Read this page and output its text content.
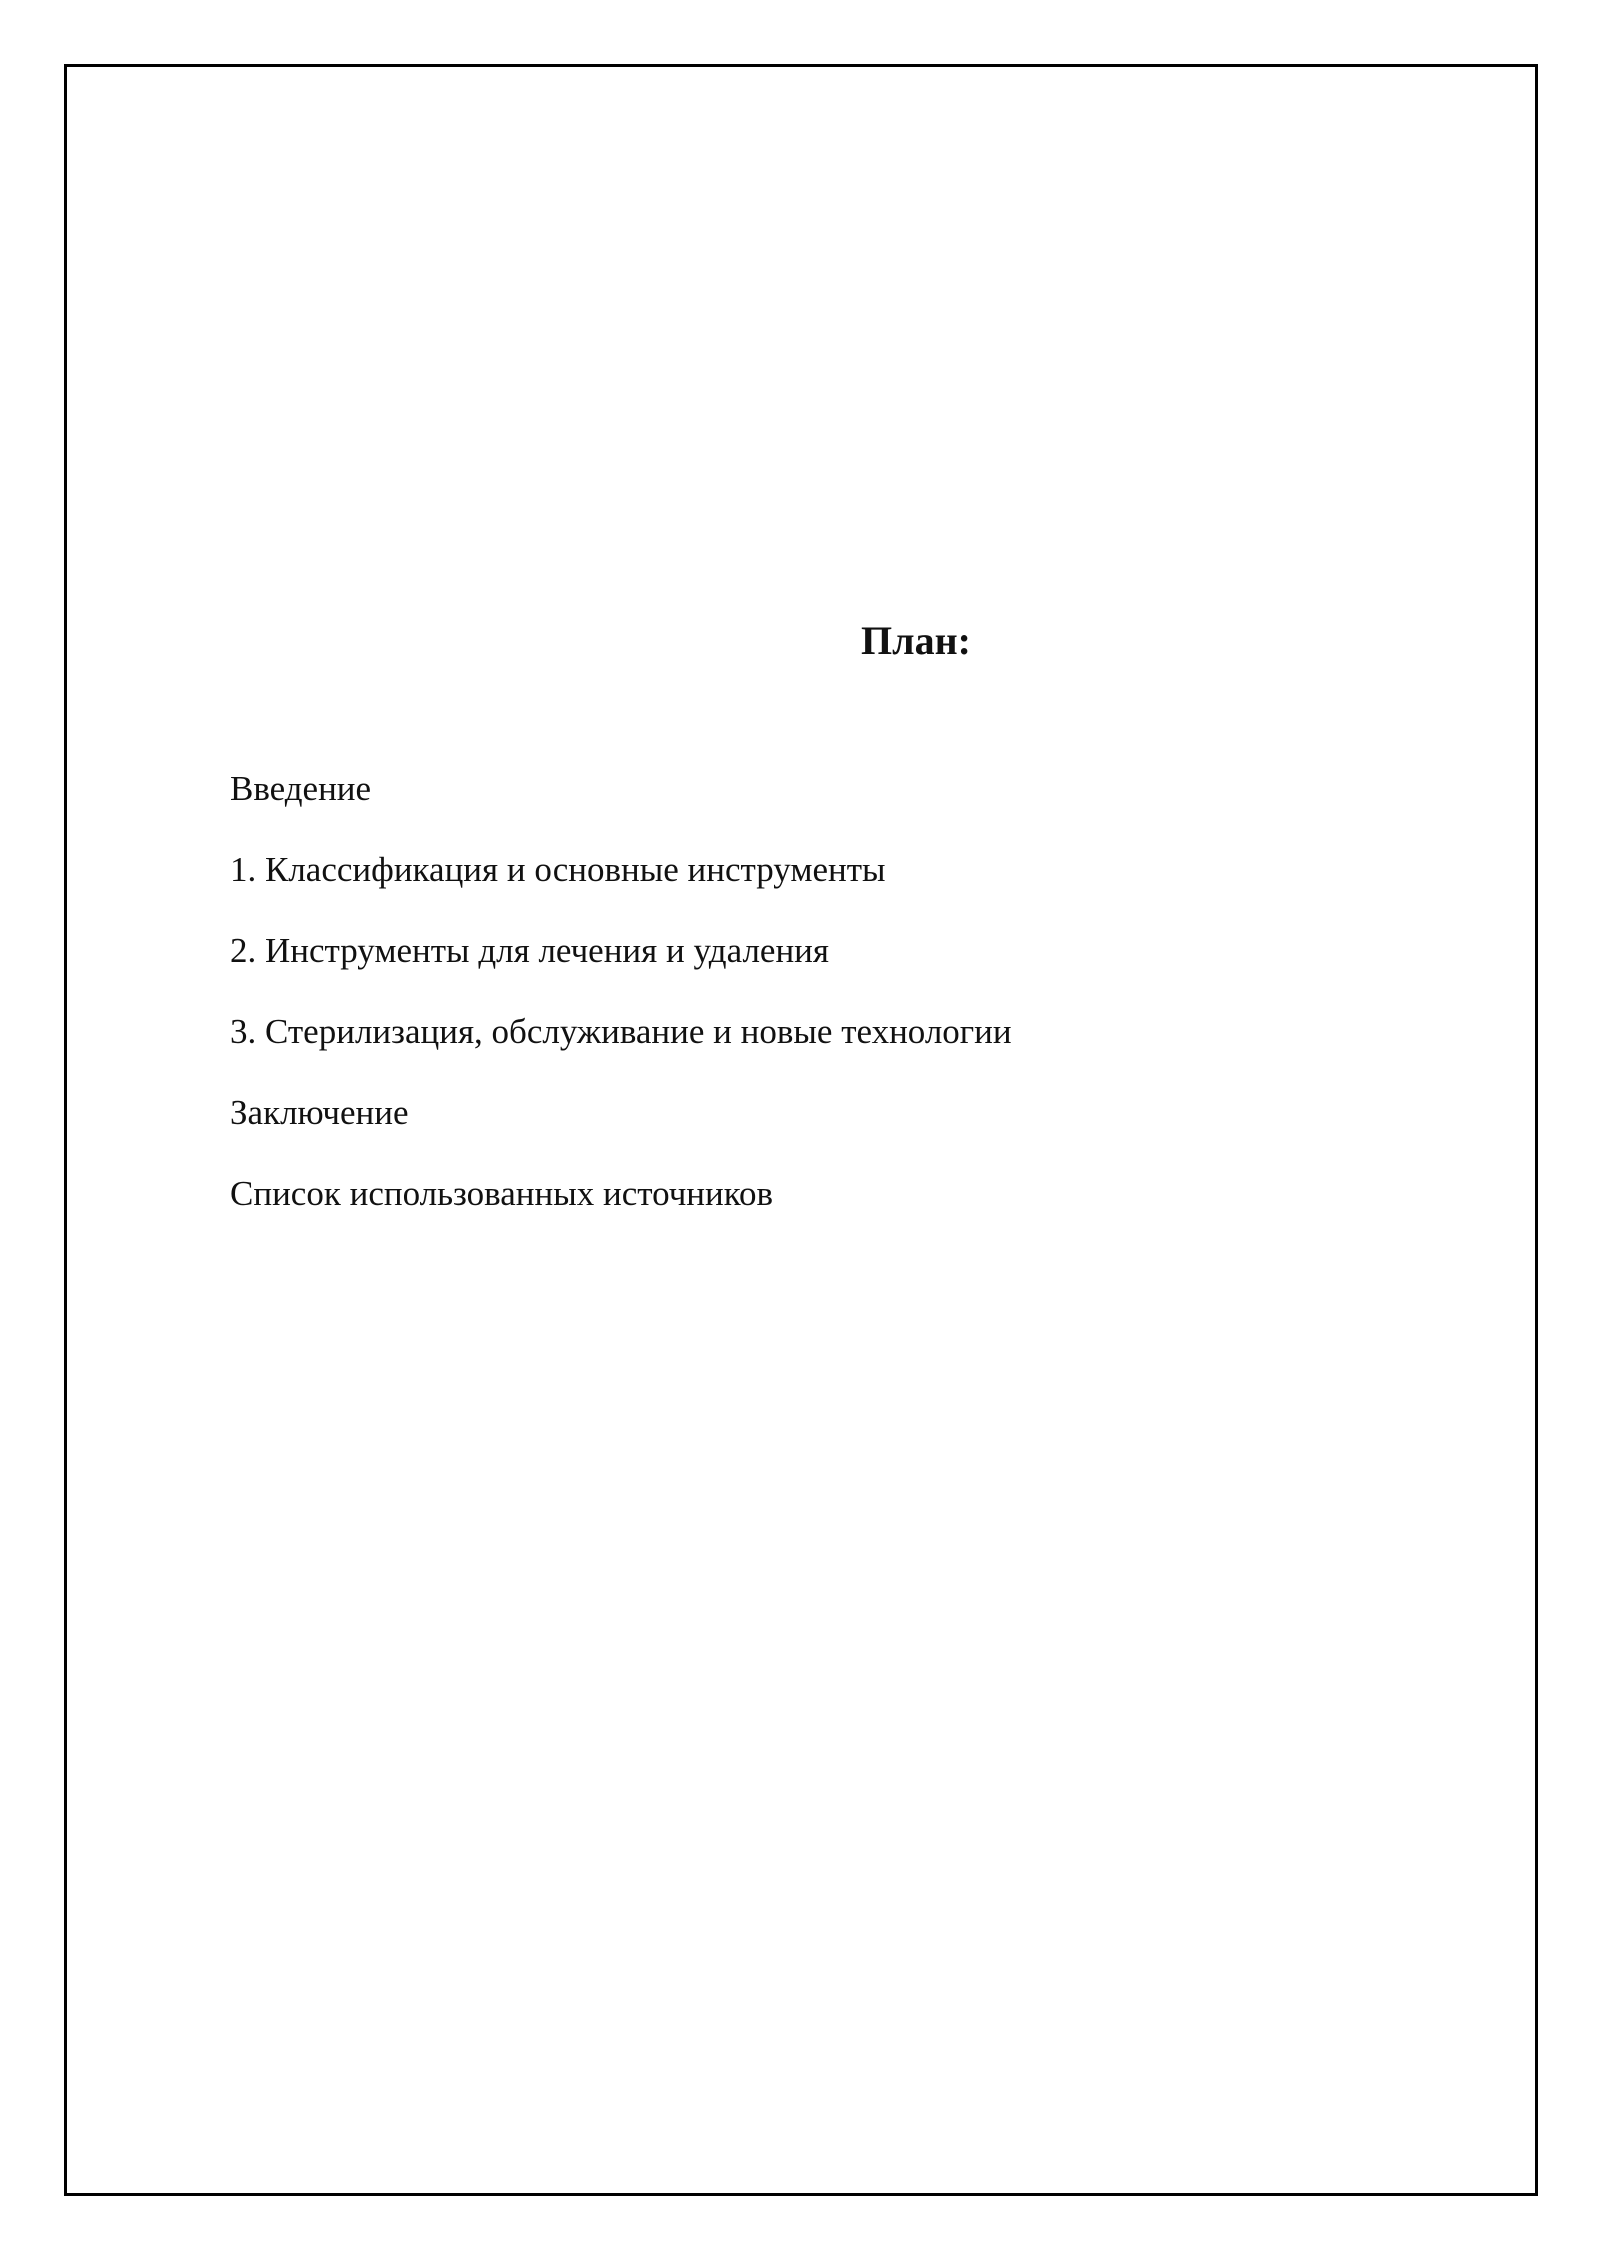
План:
Введение
1. Классификация и основные инструменты
2. Инструменты для лечения и удаления
3. Стерилизация, обслуживание и новые технологии
Заключение
Список использованных источников
